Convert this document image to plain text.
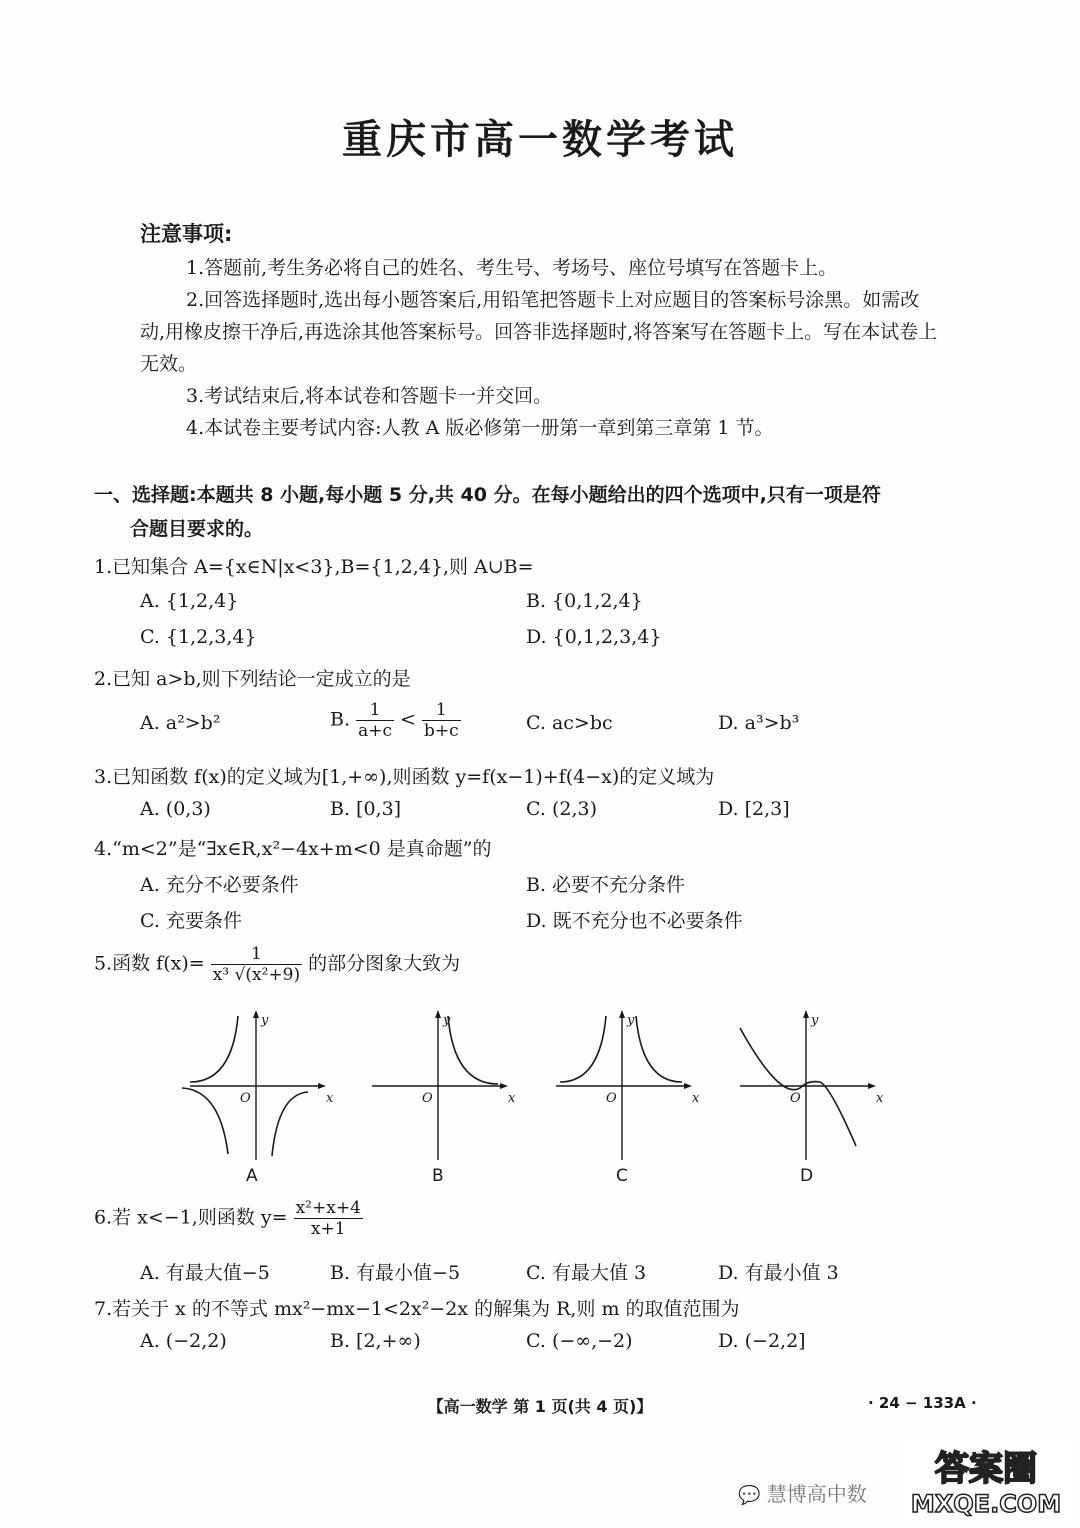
重庆市高一数学考试
注意事项:

1.答题前,考生务必将自己的姓名、考生号、考场号、座位号填写在答题卡上。

2.回答选择题时,选出每小题答案后,用铅笔把答题卡上对应题目的答案标号涂黑。如需改动,用橡皮擦干净后,再选涂其他答案标号。回答非选择题时,将答案写在答题卡上。写在本试卷上无效。

3.考试结束后,将本试卷和答题卡一并交回。

4.本试卷主要考试内容:人教 A 版必修第一册第一章到第三章第 1 节。

一、选择题:本题共 8 小题,每小题 5 分,共 40 分。在每小题给出的四个选项中,只有一项是符
合题目要求的。
1.已知集合 A={x∈N|x<3},B={1,2,4},则 A∪B=
A. {1,2,4}	B. {0,1,2,4}
C. {1,2,3,4}	D. {0,1,2,3,4}
2.已知 a>b,则下列结论一定成立的是
A. a²>b²	B. $\frac{1}{a+c} < \frac{1}{b+c}$	C. ac>bc	D. a³>b³
3.已知函数 f(x)的定义域为[1,+∞),则函数 y=f(x−1)+f(4−x)的定义域为
A. (0,3)	B. [0,3]	C. (2,3)	D. [2,3]
4.“m<2”是“∃x∈R,x²−4x+m<0 是真命题”的
A. 充分不必要条件	B. 必要不充分条件
C. 充要条件	D. 既不充分也不必要条件
5.函数 $f(x)= \frac{1}{\text{x³ √(x²+9)}}$ 的部分图象大致为
x
y
O	x
y
O	x
y
O	x
y
O
A	B	C	D
6.若 x<−1,则函数 $y= \frac{\text{x²+x+4}}{x+1}$
A. 有最大值−5	B. 有最小值−5	C. 有最大值 3	D. 有最小值 3
7.若关于 x 的不等式 mx²−mx−1<2x²−2x 的解集为 R,则 m 的取值范围为
A. (−2,2)	B. [2,+∞)	C. (−∞,−2)	D. (−2,2]
【高一数学 第 1 页(共 4 页)】	· 24 − 133A ·
💬 慧博高中数
答案圈
MXQE.COM
